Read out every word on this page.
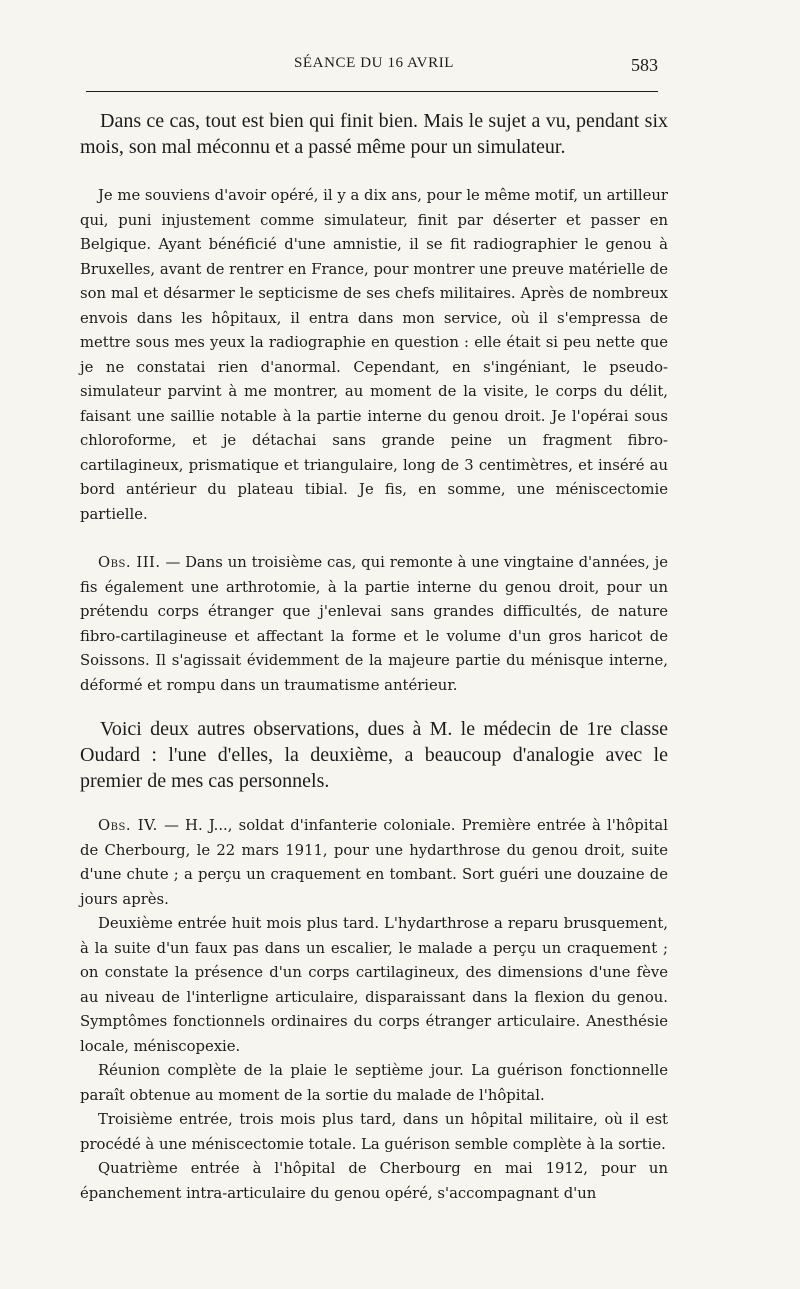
SÉANCE DU 16 AVRIL	583

Dans ce cas, tout est bien qui finit bien. Mais le sujet a vu, pendant six mois, son mal méconnu et a passé même pour un simulateur.

Je me souviens d'avoir opéré, il y a dix ans, pour le même motif, un artilleur qui, puni injustement comme simulateur, finit par déserter et passer en Belgique. Ayant bénéficié d'une amnistie, il se fit radiographier le genou à Bruxelles, avant de rentrer en France, pour montrer une preuve matérielle de son mal et désarmer le septicisme de ses chefs militaires. Après de nombreux envois dans les hôpitaux, il entra dans mon service, où il s'empressa de mettre sous mes yeux la radiographie en question : elle était si peu nette que je ne constatai rien d'anormal. Cependant, en s'ingéniant, le pseudo-simulateur parvint à me montrer, au moment de la visite, le corps du délit, faisant une saillie notable à la partie interne du genou droit. Je l'opérai sous chloroforme, et je détachai sans grande peine un fragment fibro-cartilagineux, prismatique et triangulaire, long de 3 centimètres, et inséré au bord antérieur du plateau tibial. Je fis, en somme, une méniscectomie partielle.

Obs. III. — Dans un troisième cas, qui remonte à une vingtaine d'années, je fis également une arthrotomie, à la partie interne du genou droit, pour un prétendu corps étranger que j'enlevai sans grandes difficultés, de nature fibro-cartilagineuse et affectant la forme et le volume d'un gros haricot de Soissons. Il s'agissait évidemment de la majeure partie du ménisque interne, déformé et rompu dans un traumatisme antérieur.

Voici deux autres observations, dues à M. le médecin de 1re classe Oudard : l'une d'elles, la deuxième, a beaucoup d'analogie avec le premier de mes cas personnels.

Obs. IV. — H. J..., soldat d'infanterie coloniale. Première entrée à l'hôpital de Cherbourg, le 22 mars 1911, pour une hydarthrose du genou droit, suite d'une chute ; a perçu un craquement en tombant. Sort guéri une douzaine de jours après.

Deuxième entrée huit mois plus tard. L'hydarthrose a reparu brusquement, à la suite d'un faux pas dans un escalier, le malade a perçu un craquement ; on constate la présence d'un corps cartilagineux, des dimensions d'une fève au niveau de l'interligne articulaire, disparaissant dans la flexion du genou. Symptômes fonctionnels ordinaires du corps étranger articulaire. Anesthésie locale, méniscopexie.

Réunion complète de la plaie le septième jour. La guérison fonctionnelle paraît obtenue au moment de la sortie du malade de l'hôpital.

Troisième entrée, trois mois plus tard, dans un hôpital militaire, où il est procédé à une méniscectomie totale. La guérison semble complète à la sortie.

Quatrième entrée à l'hôpital de Cherbourg en mai 1912, pour un épanchement intra-articulaire du genou opéré, s'accompagnant d'un
